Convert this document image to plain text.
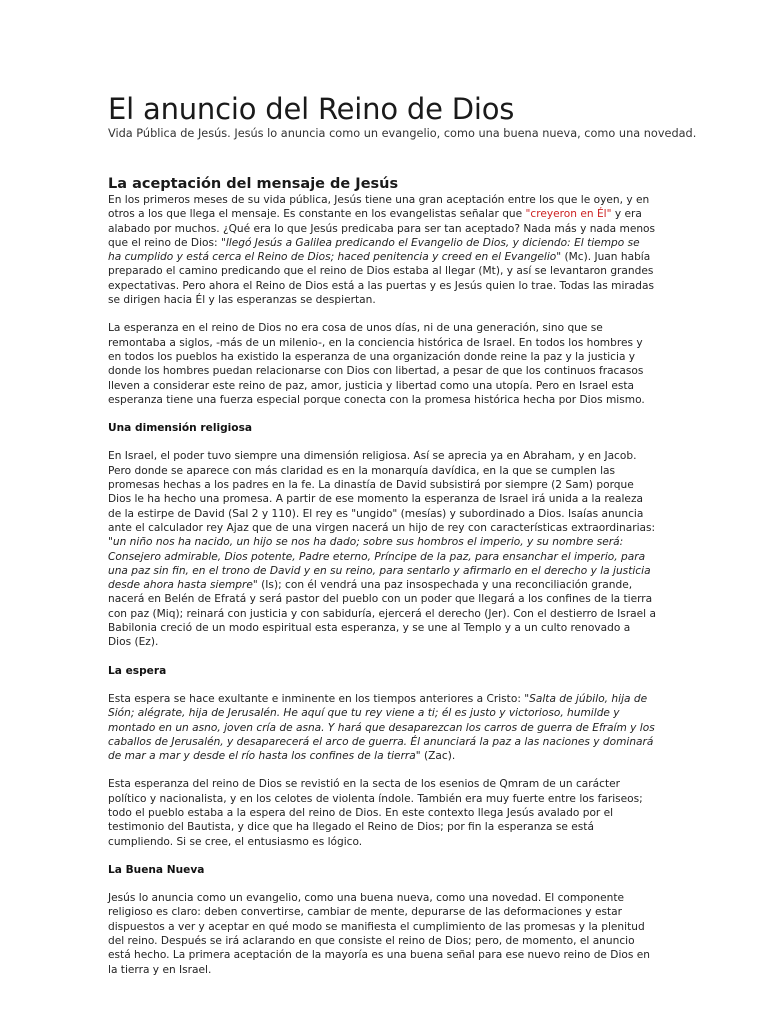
El anuncio del Reino de Dios
Vida Pública de Jesús. Jesús lo anuncia como un evangelio, como una buena nueva, como una novedad.
La aceptación del mensaje de Jesús

En los primeros meses de su vida pública, Jesús tiene una gran aceptación entre los que le oyen, y en otros a los que llega el mensaje. Es constante en los evangelistas señalar que "creyeron en Él" y era alabado por muchos. ¿Qué era lo que Jesús predicaba para ser tan aceptado? Nada más y nada menos que el reino de Dios: "llegó Jesús a Galilea predicando el Evangelio de Dios, y diciendo: El tiempo se ha cumplido y está cerca el Reino de Dios; haced penitencia y creed en el Evangelio" (Mc). Juan había preparado el camino predicando que el reino de Dios estaba al llegar (Mt), y así se levantaron grandes expectativas. Pero ahora el Reino de Dios está a las puertas y es Jesús quien lo trae. Todas las miradas se dirigen hacia Él y las esperanzas se despiertan.

La esperanza en el reino de Dios no era cosa de unos días, ni de una generación, sino que se remontaba a siglos, -más de un milenio-, en la conciencia histórica de Israel. En todos los hombres y en todos los pueblos ha existido la esperanza de una organización donde reine la paz y la justicia y donde los hombres puedan relacionarse con Dios con libertad, a pesar de que los continuos fracasos lleven a considerar este reino de paz, amor, justicia y libertad como una utopía. Pero en Israel esta esperanza tiene una fuerza especial porque conecta con la promesa histórica hecha por Dios mismo.

Una dimensión religiosa

En Israel, el poder tuvo siempre una dimensión religiosa. Así se aprecia ya en Abraham, y en Jacob. Pero donde se aparece con más claridad es en la monarquía davídica, en la que se cumplen las promesas hechas a los padres en la fe. La dinastía de David subsistirá por siempre (2 Sam) porque Dios le ha hecho una promesa. A partir de ese momento la esperanza de Israel irá unida a la realeza de la estirpe de David (Sal 2 y 110). El rey es "ungido" (mesías) y subordinado a Dios. Isaías anuncia ante el calculador rey Ajaz que de una virgen nacerá un hijo de rey con características extraordinarias: "un niño nos ha nacido, un hijo se nos ha dado; sobre sus hombros el imperio, y su nombre será: Consejero admirable, Dios potente, Padre eterno, Príncipe de la paz, para ensanchar el imperio, para una paz sin fin, en el trono de David y en su reino, para sentarlo y afirmarlo en el derecho y la justicia desde ahora hasta siempre" (Is); con él vendrá una paz insospechada y una reconciliación grande, nacerá en Belén de Efratá y será pastor del pueblo con un poder que llegará a los confines de la tierra con paz (Miq); reinará con justicia y con sabiduría, ejercerá el derecho (Jer). Con el destierro de Israel a Babilonia creció de un modo espiritual esta esperanza, y se une al Templo y a un culto renovado a Dios (Ez).

La espera

Esta espera se hace exultante e inminente en los tiempos anteriores a Cristo: "Salta de júbilo, hija de Sión; alégrate, hija de Jerusalén. He aquí que tu rey viene a ti; él es justo y victorioso, humilde y montado en un asno, joven cría de asna. Y hará que desaparezcan los carros de guerra de Efraím y los caballos de Jerusalén, y desaparecerá el arco de guerra. Él anunciará la paz a las naciones y dominará de mar a mar y desde el río hasta los confines de la tierra" (Zac).

Esta esperanza del reino de Dios se revistió en la secta de los esenios de Qmram de un carácter político y nacionalista, y en los celotes de violenta índole. También era muy fuerte entre los fariseos; todo el pueblo estaba a la espera del reino de Dios. En este contexto llega Jesús avalado por el testimonio del Bautista, y dice que ha llegado el Reino de Dios; por fin la esperanza se está cumpliendo. Si se cree, el entusiasmo es lógico.

La Buena Nueva

Jesús lo anuncia como un evangelio, como una buena nueva, como una novedad. El componente religioso es claro: deben convertirse, cambiar de mente, depurarse de las deformaciones y estar dispuestos a ver y aceptar en qué modo se manifiesta el cumplimiento de las promesas y la plenitud del reino. Después se irá aclarando en que consiste el reino de Dios; pero, de momento, el anuncio está hecho. La primera aceptación de la mayoría es una buena señal para ese nuevo reino de Dios en la tierra y en Israel.
